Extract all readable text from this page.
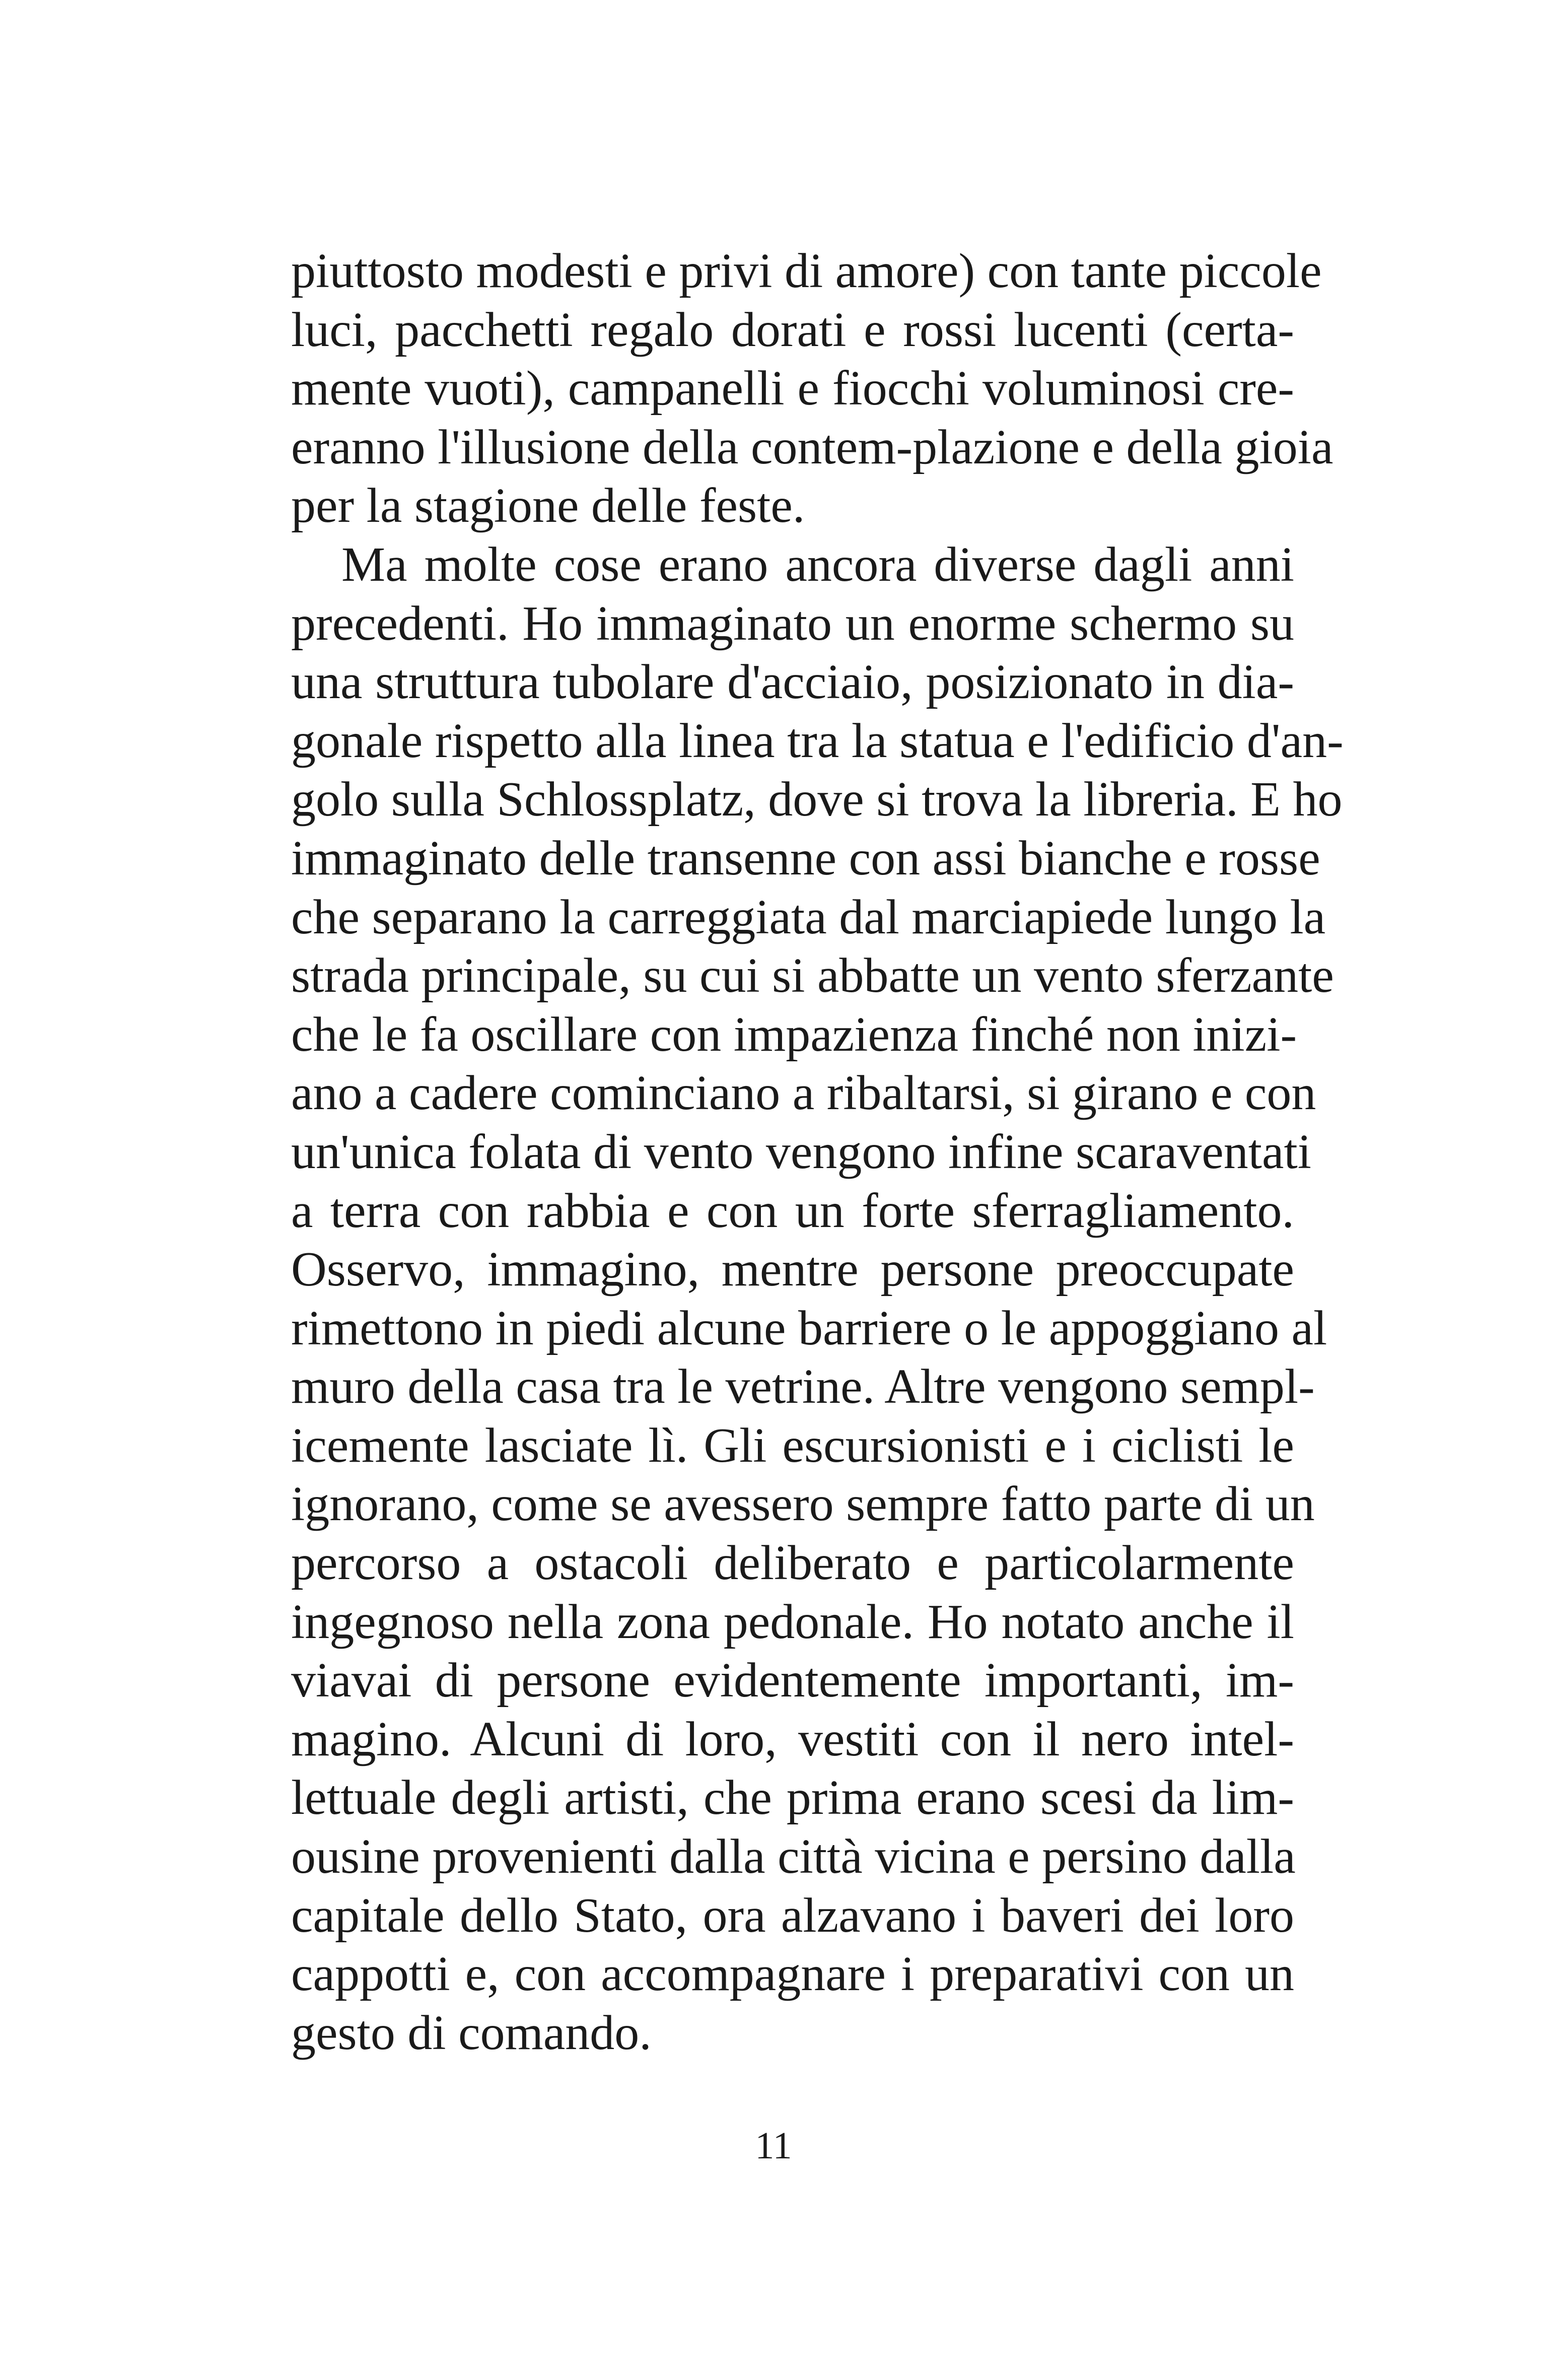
piuttosto modesti e privi di amore) con tante piccole
luci, pacchetti regalo dorati e rossi lucenti (certa-
mente vuoti), campanelli e fiocchi voluminosi cre-
eranno l'illusione della contem-plazione e della gioia
per la stagione delle feste.
Ma molte cose erano ancora diverse dagli anni
precedenti. Ho immaginato un enorme schermo su
una struttura tubolare d'acciaio, posizionato in dia-
gonale rispetto alla linea tra la statua e l'edificio d'an-
golo sulla Schlossplatz, dove si trova la libreria. E ho
immaginato delle transenne con assi bianche e rosse
che separano la carreggiata dal marciapiede lungo la
strada principale, su cui si abbatte un vento sferzante
che le fa oscillare con impazienza finché non inizi-
ano a cadere cominciano a ribaltarsi, si girano e con
un'unica folata di vento vengono infine scaraventati
a terra con rabbia e con un forte sferragliamento.
Osservo, immagino, mentre persone preoccupate
rimettono in piedi alcune barriere o le appoggiano al
muro della casa tra le vetrine. Altre vengono sempl-
icemente lasciate lì. Gli escursionisti e i ciclisti le
ignorano, come se avessero sempre fatto parte di un
percorso a ostacoli deliberato e particolarmente
ingegnoso nella zona pedonale. Ho notato anche il
viavai di persone evidentemente importanti, im-
magino. Alcuni di loro, vestiti con il nero intel-
lettuale degli artisti, che prima erano scesi da lim-
ousine provenienti dalla città vicina e persino dalla
capitale dello Stato, ora alzavano i baveri dei loro
cappotti e, con accompagnare i preparativi con un
gesto di comando.
11
